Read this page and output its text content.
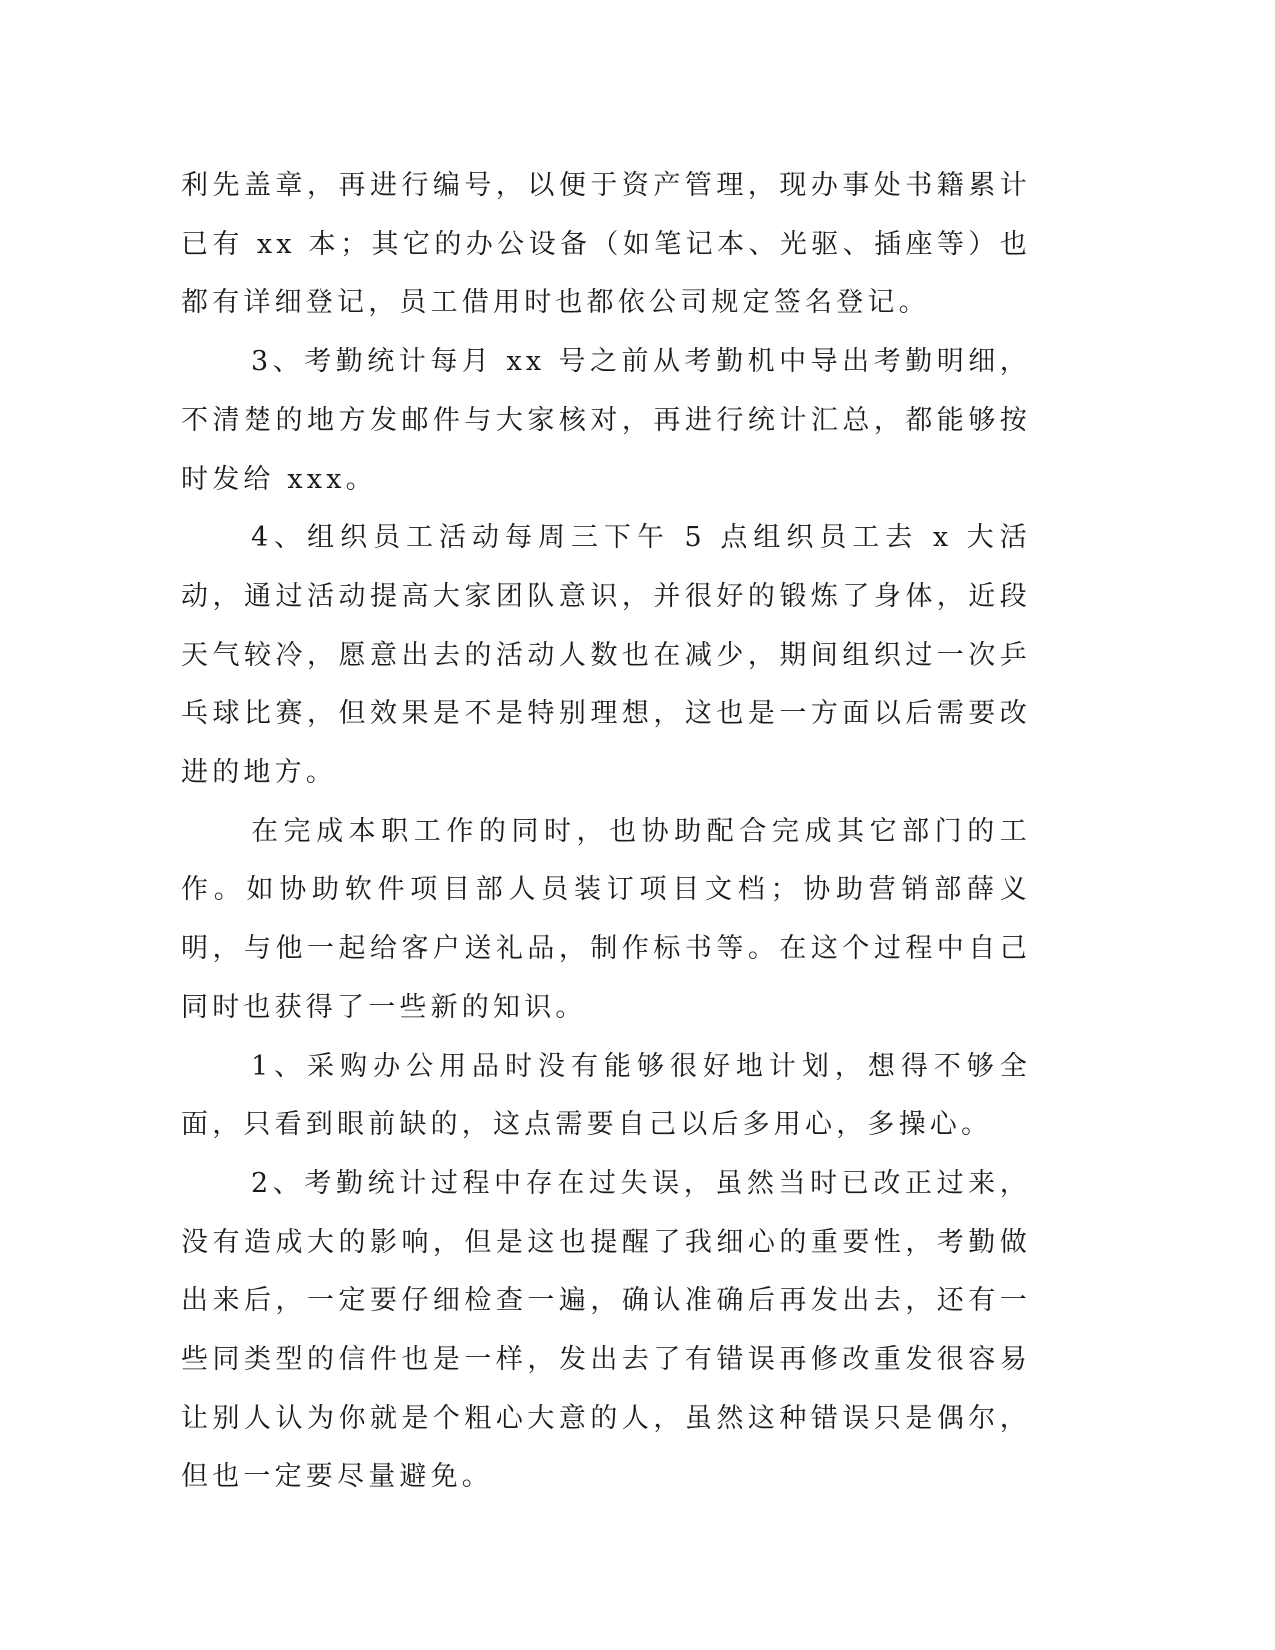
利先盖章，再进行编号，以便于资产管理，现办事处书籍累计已有 xx 本；其它的办公设备（如笔记本、光驱、插座等）也都有详细登记，员工借用时也都依公司规定签名登记。

3、考勤统计每月 xx 号之前从考勤机中导出考勤明细，不清楚的地方发邮件与大家核对，再进行统计汇总，都能够按时发给 xxx。

4、组织员工活动每周三下午 5 点组织员工去 x 大活动，通过活动提高大家团队意识，并很好的锻炼了身体，近段天气较冷，愿意出去的活动人数也在减少，期间组织过一次乒乓球比赛，但效果是不是特别理想，这也是一方面以后需要改进的地方。

在完成本职工作的同时，也协助配合完成其它部门的工作。如协助软件项目部人员装订项目文档；协助营销部薛义明，与他一起给客户送礼品，制作标书等。在这个过程中自己同时也获得了一些新的知识。

1、采购办公用品时没有能够很好地计划，想得不够全面，只看到眼前缺的，这点需要自己以后多用心，多操心。

2、考勤统计过程中存在过失误，虽然当时已改正过来，没有造成大的影响，但是这也提醒了我细心的重要性，考勤做出来后，一定要仔细检查一遍，确认准确后再发出去，还有一些同类型的信件也是一样，发出去了有错误再修改重发很容易让别人认为你就是个粗心大意的人，虽然这种错误只是偶尔，但也一定要尽量避免。
